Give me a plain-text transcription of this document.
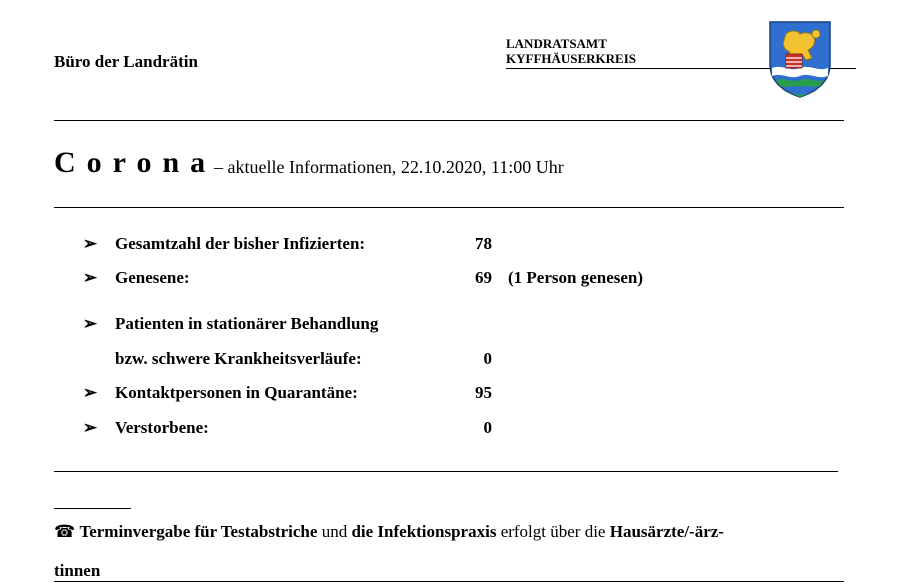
Büro der Landrätin
LANDRATSAMT
KYFFHÄUSERKREIS
Corona
– aktuelle Informationen, 22.10.2020, 11:00 Uhr
➢ Gesamtzahl der bisher Infizierten:	78
➢ Genesene:	69 (1 Person genesen)
➢ Patienten in stationärer Behandlung
bzw. schwere Krankheitsverläufe:	0
➢ Kontaktpersonen in Quarantäne:	95
➢ Verstorbene:	0
☎ Terminvergabe für Testabstriche und die Infektionspraxis erfolgt über die Hausärzte/-ärz-
tinnen
